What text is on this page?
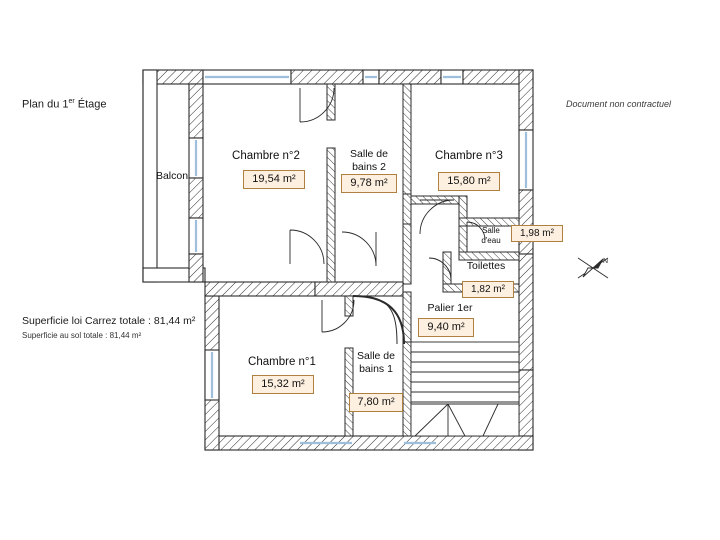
Plan du 1er Étage	Document non contractuel
Superficie loi Carrez totale : 81,44 m²
Superficie au sol totale : 81,44 m²
Balcon
Chambre n°2
19,54 m²
Salle de
bains 2
9,78 m²
Chambre n°3
15,80 m²
Salle
d'eau
1,98 m²
Toilettes
1,82 m²
Palier 1er
9,40 m²
Chambre n°1
15,32 m²
Salle de
bains 1
7,80 m²
N
